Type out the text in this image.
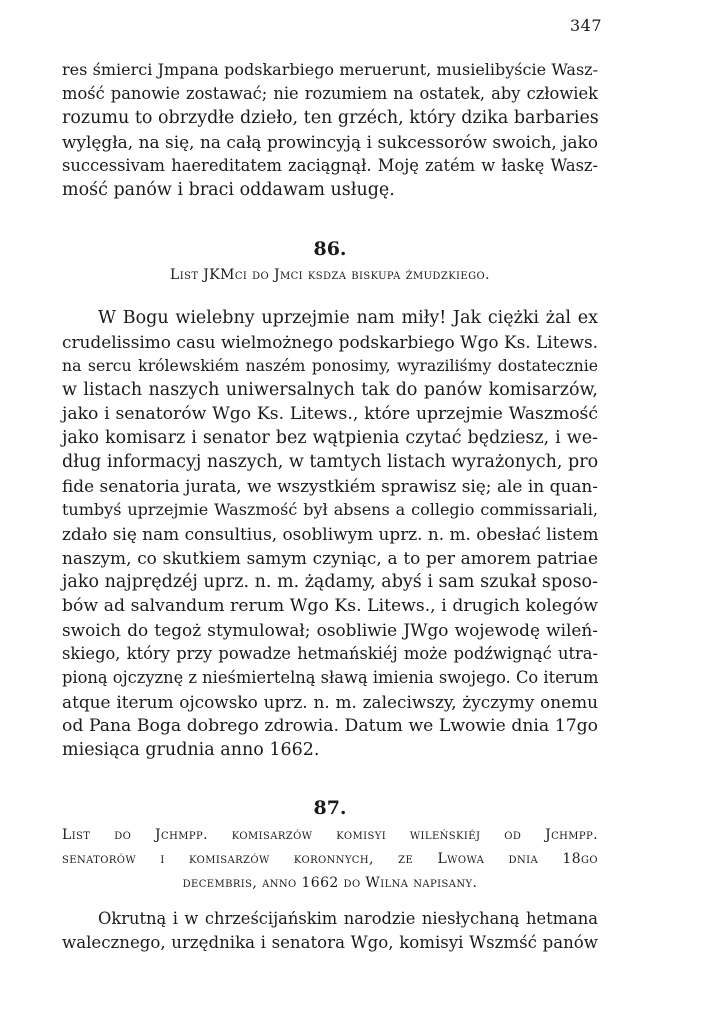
347
res śmierci Jmpana podskarbiego meruerunt, musielibyście Wasz-
mość panowie zostawać; nie rozumiem na ostatek, aby człowiek
rozumu to obrzydłe dzieło, ten grzéch, który dzika barbaries
wylęgła, na się, na całą prowincyją i sukcessorów swoich, jako
successivam haereditatem zaciągnął. Moję zatém w łaskę Wasz-
mość panów i braci oddawam usługę.
86.
List JKMci do Jmci ksdza biskupa żmudzkiego.
W Bogu wielebny uprzejmie nam miły! Jak ciężki żal ex
crudelissimo casu wielmożnego podskarbiego Wgo Ks. Litews.
na sercu królewskiém naszém ponosimy, wyraziliśmy dostatecznie
w listach naszych uniwersalnych tak do panów komisarzów,
jako i senatorów Wgo Ks. Litews., które uprzejmie Waszmość
jako komisarz i senator bez wątpienia czytać będziesz, i we-
dług informacyj naszych, w tamtych listach wyrażonych, pro
fide senatoria jurata, we wszystkiém sprawisz się; ale in quan-
tumbyś uprzejmie Waszmość był absens a collegio commissariali,
zdało się nam consultius, osobliwym uprz. n. m. obesłać listem
naszym, co skutkiem samym czyniąc, a to per amorem patriae
jako najprędzéj uprz. n. m. żądamy, abyś i sam szukał sposo-
bów ad salvandum rerum Wgo Ks. Litews., i drugich kolegów
swoich do tegoż stymulował; osobliwie JWgo wojewodę wileń-
skiego, który przy powadze hetmańskiéj może podźwignąć utra-
pioną ojczyznę z nieśmiertelną sławą imienia swojego. Co iterum
atque iterum ojcowsko uprz. n. m. zaleciwszy, życzymy onemu
od Pana Boga dobrego zdrowia. Datum we Lwowie dnia 17go
miesiąca grudnia anno 1662.
87.
List do Jchmpp. komisarzów komisyi wileńskiéj od Jchmpp.
senatorów i komisarzów koronnych, ze Lwowa dnia 18go
decembris, anno 1662 do Wilna napisany.
Okrutną i w chrześcijańskim narodzie niesłychaną hetmana
walecznego, urzędnika i senatora Wgo, komisyi Wszmść panów
